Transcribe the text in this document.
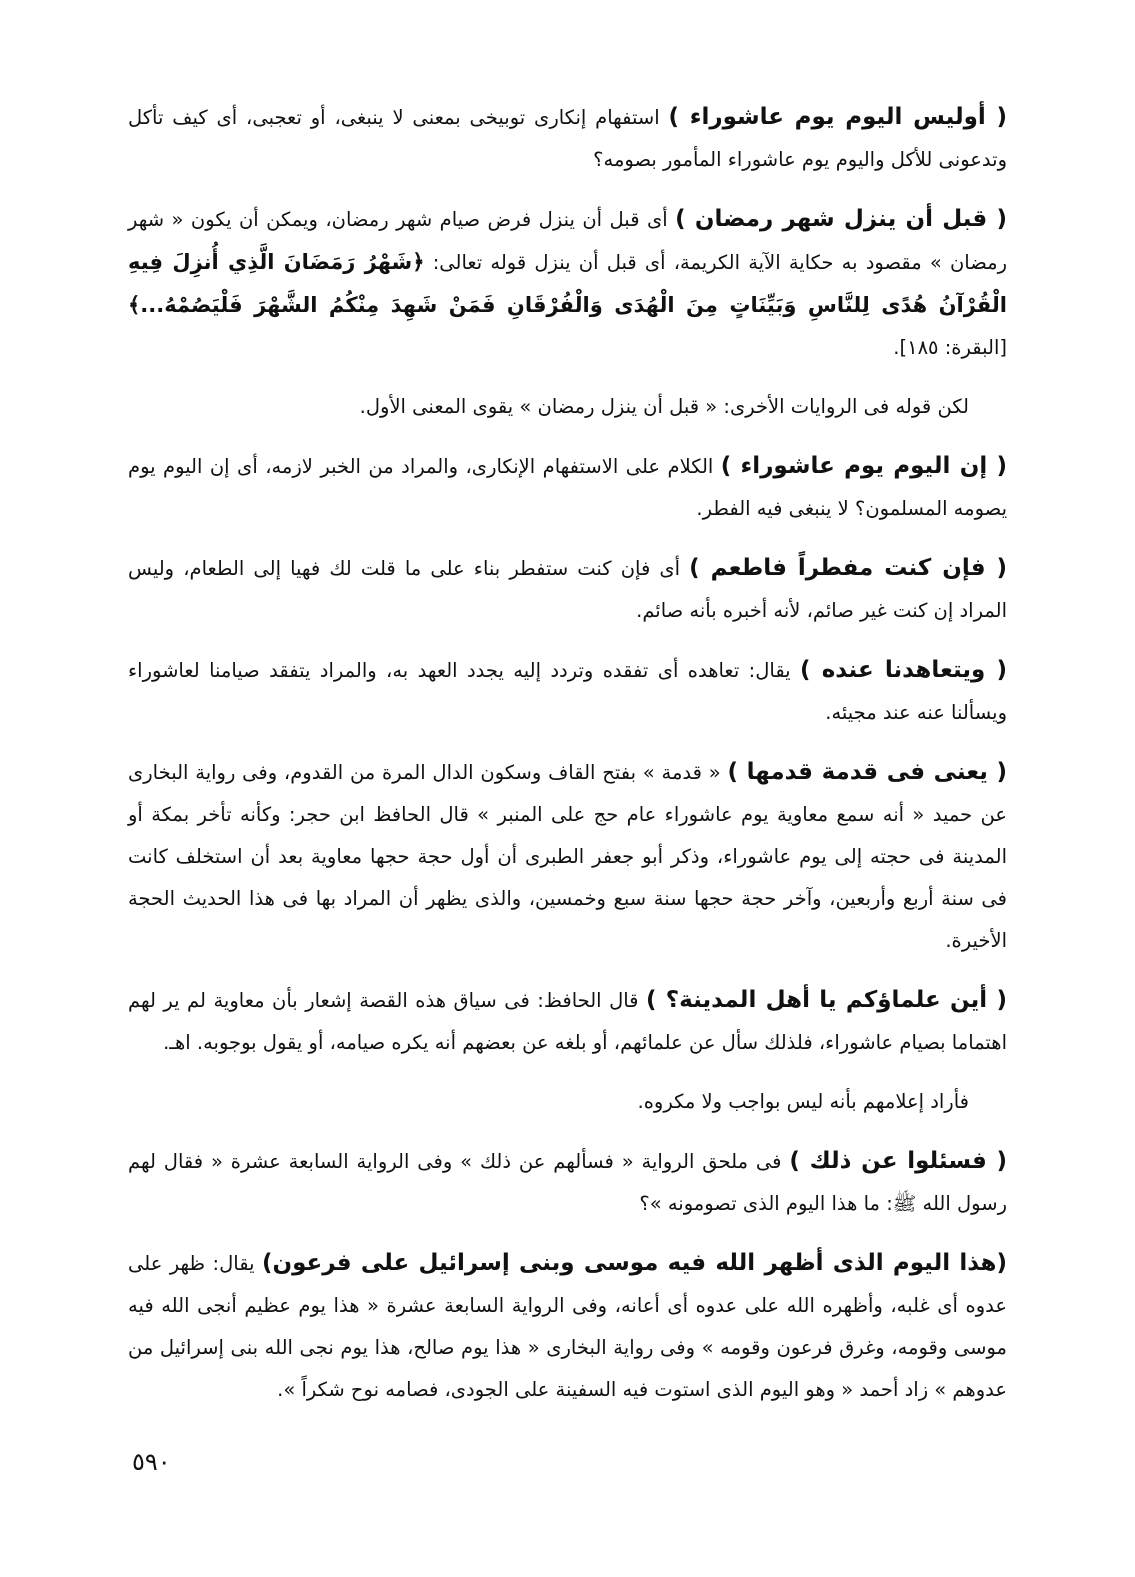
( أوليس اليوم يوم عاشوراء ) استفهام إنكارى توبيخى بمعنى لا ينبغى، أو تعجبى، أى كيف تأكل وتدعونى للأكل واليوم يوم عاشوراء المأمور بصومه؟

( قبل أن ينزل شهر رمضان ) أى قبل أن ينزل فرض صيام شهر رمضان، ويمكن أن يكون « شهر رمضان » مقصود به حكاية الآية الكريمة، أى قبل أن ينزل قوله تعالى: ﴿شَهْرُ رَمَضَانَ الَّذِي أُنزِلَ فِيهِ الْقُرْآنُ هُدًى لِلنَّاسِ وَبَيِّنَاتٍ مِنَ الْهُدَى وَالْفُرْقَانِ فَمَنْ شَهِدَ مِنْكُمُ الشَّهْرَ فَلْيَصُمْهُ...﴾[البقرة: ١٨٥].

لكن قوله فى الروايات الأخرى: « قبل أن ينزل رمضان » يقوى المعنى الأول.

( إن اليوم يوم عاشوراء ) الكلام على الاستفهام الإنكارى، والمراد من الخبر لازمه، أى إن اليوم يوم يصومه المسلمون؟ لا ينبغى فيه الفطر.

( فإن كنت مفطراً فاطعم ) أى فإن كنت ستفطر بناء على ما قلت لك فهيا إلى الطعام، وليس المراد إن كنت غير صائم، لأنه أخبره بأنه صائم.

( ويتعاهدنا عنده ) يقال: تعاهده أى تفقده وتردد إليه يجدد العهد به، والمراد يتفقد صيامنا لعاشوراء ويسألنا عنه عند مجيئه.

( يعنى فى قدمة قدمها ) « قدمة » بفتح القاف وسكون الدال المرة من القدوم، وفى رواية البخارى عن حميد « أنه سمع معاوية يوم عاشوراء عام حج على المنبر » قال الحافظ ابن حجر: وكأنه تأخر بمكة أو المدينة فى حجته إلى يوم عاشوراء، وذكر أبو جعفر الطبرى أن أول حجة حجها معاوية بعد أن استخلف كانت فى سنة أربع وأربعين، وآخر حجة حجها سنة سبع وخمسين، والذى يظهر أن المراد بها فى هذا الحديث الحجة الأخيرة.

( أين علماؤكم يا أهل المدينة؟ ) قال الحافظ: فى سياق هذه القصة إشعار بأن معاوية لم ير لهم اهتماما بصيام عاشوراء، فلذلك سأل عن علمائهم، أو بلغه عن بعضهم أنه يكره صيامه، أو يقول بوجوبه. اهـ.

فأراد إعلامهم بأنه ليس بواجب ولا مكروه.

( فسئلوا عن ذلك ) فى ملحق الرواية « فسألهم عن ذلك » وفى الرواية السابعة عشرة « فقال لهم رسول الله ﷺ: ما هذا اليوم الذى تصومونه »؟

(هذا اليوم الذى أظهر الله فيه موسى وبنى إسرائيل على فرعون) يقال: ظهر على عدوه أى غلبه، وأظهره الله على عدوه أى أعانه، وفى الرواية السابعة عشرة « هذا يوم عظيم أنجى الله فيه موسى وقومه، وغرق فرعون وقومه » وفى رواية البخارى « هذا يوم صالح، هذا يوم نجى الله بنى إسرائيل من عدوهم » زاد أحمد « وهو اليوم الذى استوت فيه السفينة على الجودى، فصامه نوح شكراً ».

٥٩٠
